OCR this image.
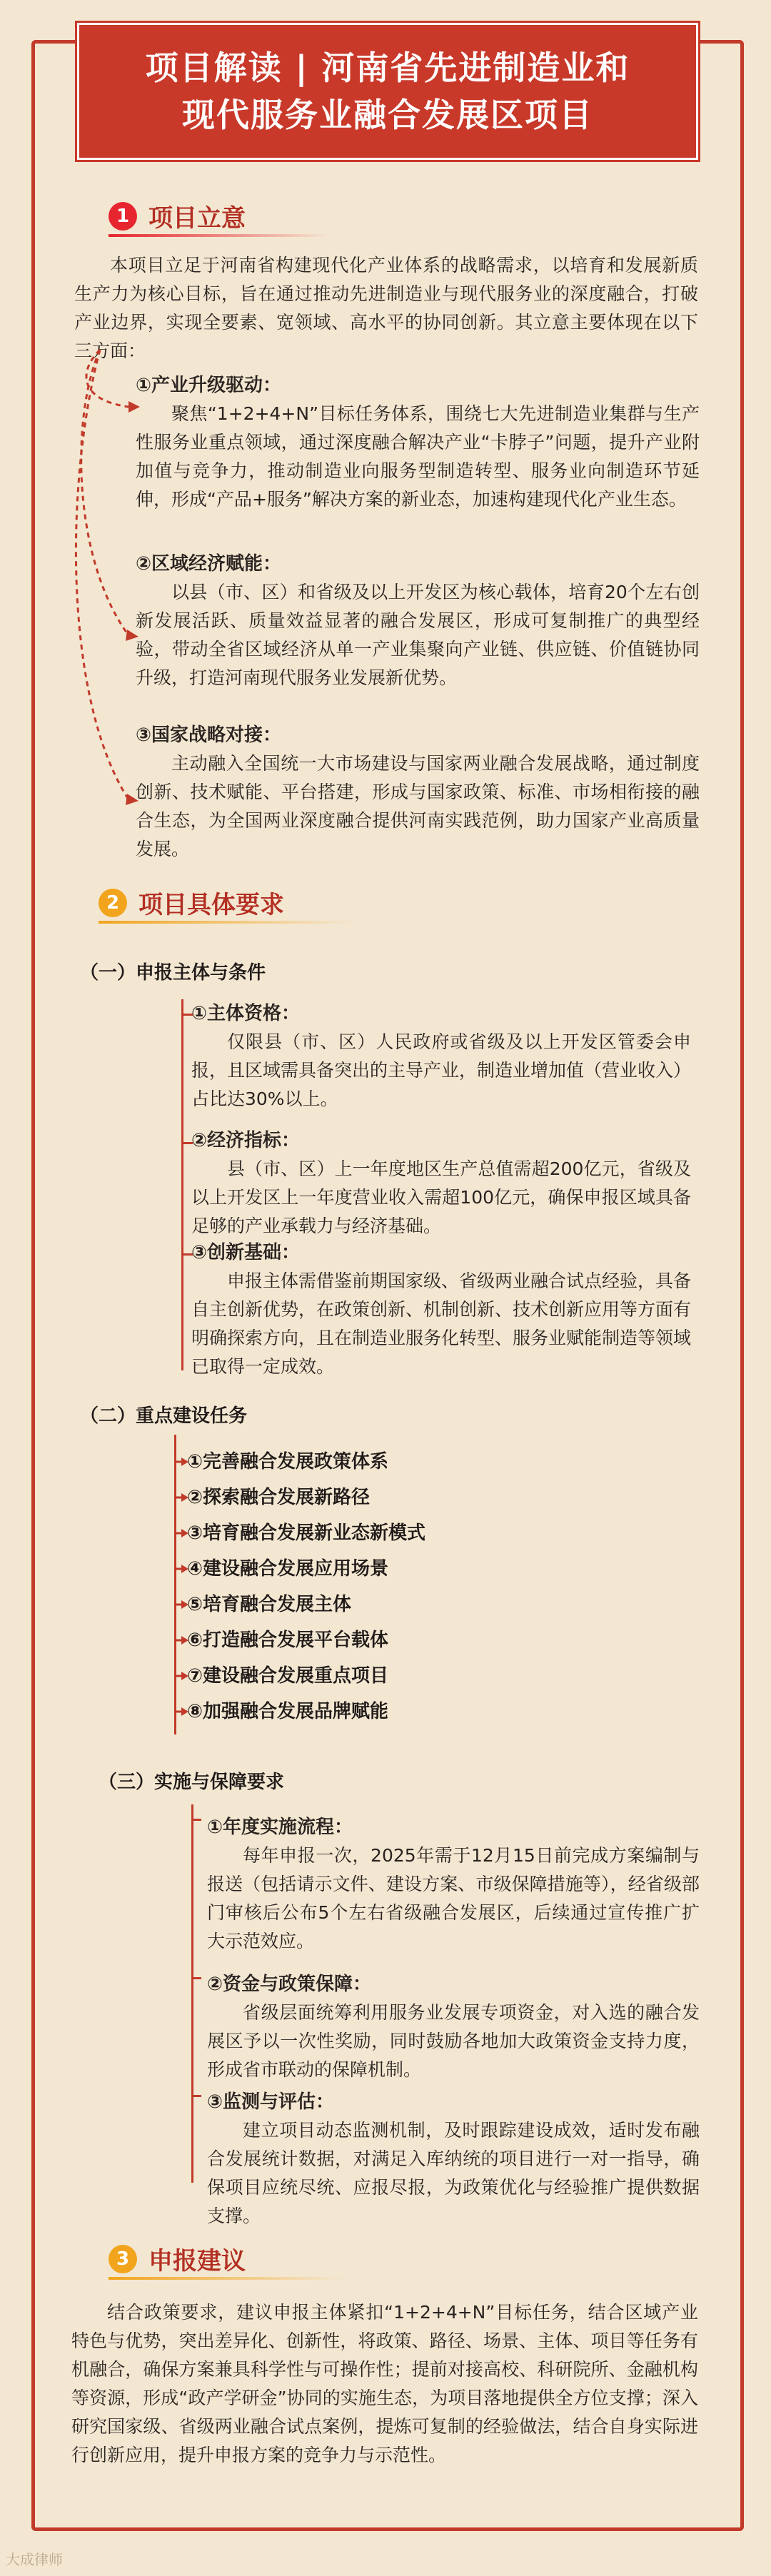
项目解读 | 河南省先进制造业和
现代服务业融合发展区项目
1 项目立意
本项目立足于河南省构建现代化产业体系的战略需求，以培育和发展新质生产力为核心目标，旨在通过推动先进制造业与现代服务业的深度融合，打破产业边界，实现全要素、宽领域、高水平的协同创新。其立意主要体现在以下三方面：
①产业升级驱动：
聚焦“1+2+4+N”目标任务体系，围绕七大先进制造业集群与生产性服务业重点领域，通过深度融合解决产业“卡脖子”问题，提升产业附加值与竞争力，推动制造业向服务型制造转型、服务业向制造环节延伸，形成“产品+服务”解决方案的新业态，加速构建现代化产业生态。
②区域经济赋能：
以县（市、区）和省级及以上开发区为核心载体，培育20个左右创新发展活跃、质量效益显著的融合发展区，形成可复制推广的典型经验，带动全省区域经济从单一产业集聚向产业链、供应链、价值链协同升级，打造河南现代服务业发展新优势。
③国家战略对接：
主动融入全国统一大市场建设与国家两业融合发展战略，通过制度创新、技术赋能、平台搭建，形成与国家政策、标准、市场相衔接的融合生态，为全国两业深度融合提供河南实践范例，助力国家产业高质量发展。
2 项目具体要求
（一）申报主体与条件
①主体资格：
仅限县（市、区）人民政府或省级及以上开发区管委会申报，且区域需具备突出的主导产业，制造业增加值（营业收入）占比达30%以上。
②经济指标：
县（市、区）上一年度地区生产总值需超200亿元，省级及以上开发区上一年度营业收入需超100亿元，确保申报区域具备足够的产业承载力与经济基础。
③创新基础：
申报主体需借鉴前期国家级、省级两业融合试点经验，具备自主创新优势，在政策创新、机制创新、技术创新应用等方面有明确探索方向，且在制造业服务化转型、服务业赋能制造等领域已取得一定成效。
（二）重点建设任务
①完善融合发展政策体系
②探索融合发展新路径
③培育融合发展新业态新模式
④建设融合发展应用场景
⑤培育融合发展主体
⑥打造融合发展平台载体
⑦建设融合发展重点项目
⑧加强融合发展品牌赋能
（三）实施与保障要求
①年度实施流程：
每年申报一次，2025年需于12月15日前完成方案编制与报送（包括请示文件、建设方案、市级保障措施等），经省级部门审核后公布5个左右省级融合发展区，后续通过宣传推广扩大示范效应。
②资金与政策保障：
省级层面统筹利用服务业发展专项资金，对入选的融合发展区予以一次性奖励，同时鼓励各地加大政策资金支持力度，形成省市联动的保障机制。
③监测与评估：
建立项目动态监测机制，及时跟踪建设成效，适时发布融合发展统计数据，对满足入库纳统的项目进行一对一指导，确保项目应统尽统、应报尽报，为政策优化与经验推广提供数据支撑。
3 申报建议
结合政策要求，建议申报主体紧扣“1+2+4+N”目标任务，结合区域产业特色与优势，突出差异化、创新性，将政策、路径、场景、主体、项目等任务有机融合，确保方案兼具科学性与可操作性；提前对接高校、科研院所、金融机构等资源，形成“政产学研金”协同的实施生态，为项目落地提供全方位支撑；深入研究国家级、省级两业融合试点案例，提炼可复制的经验做法，结合自身实际进行创新应用，提升申报方案的竞争力与示范性。
大成律师
